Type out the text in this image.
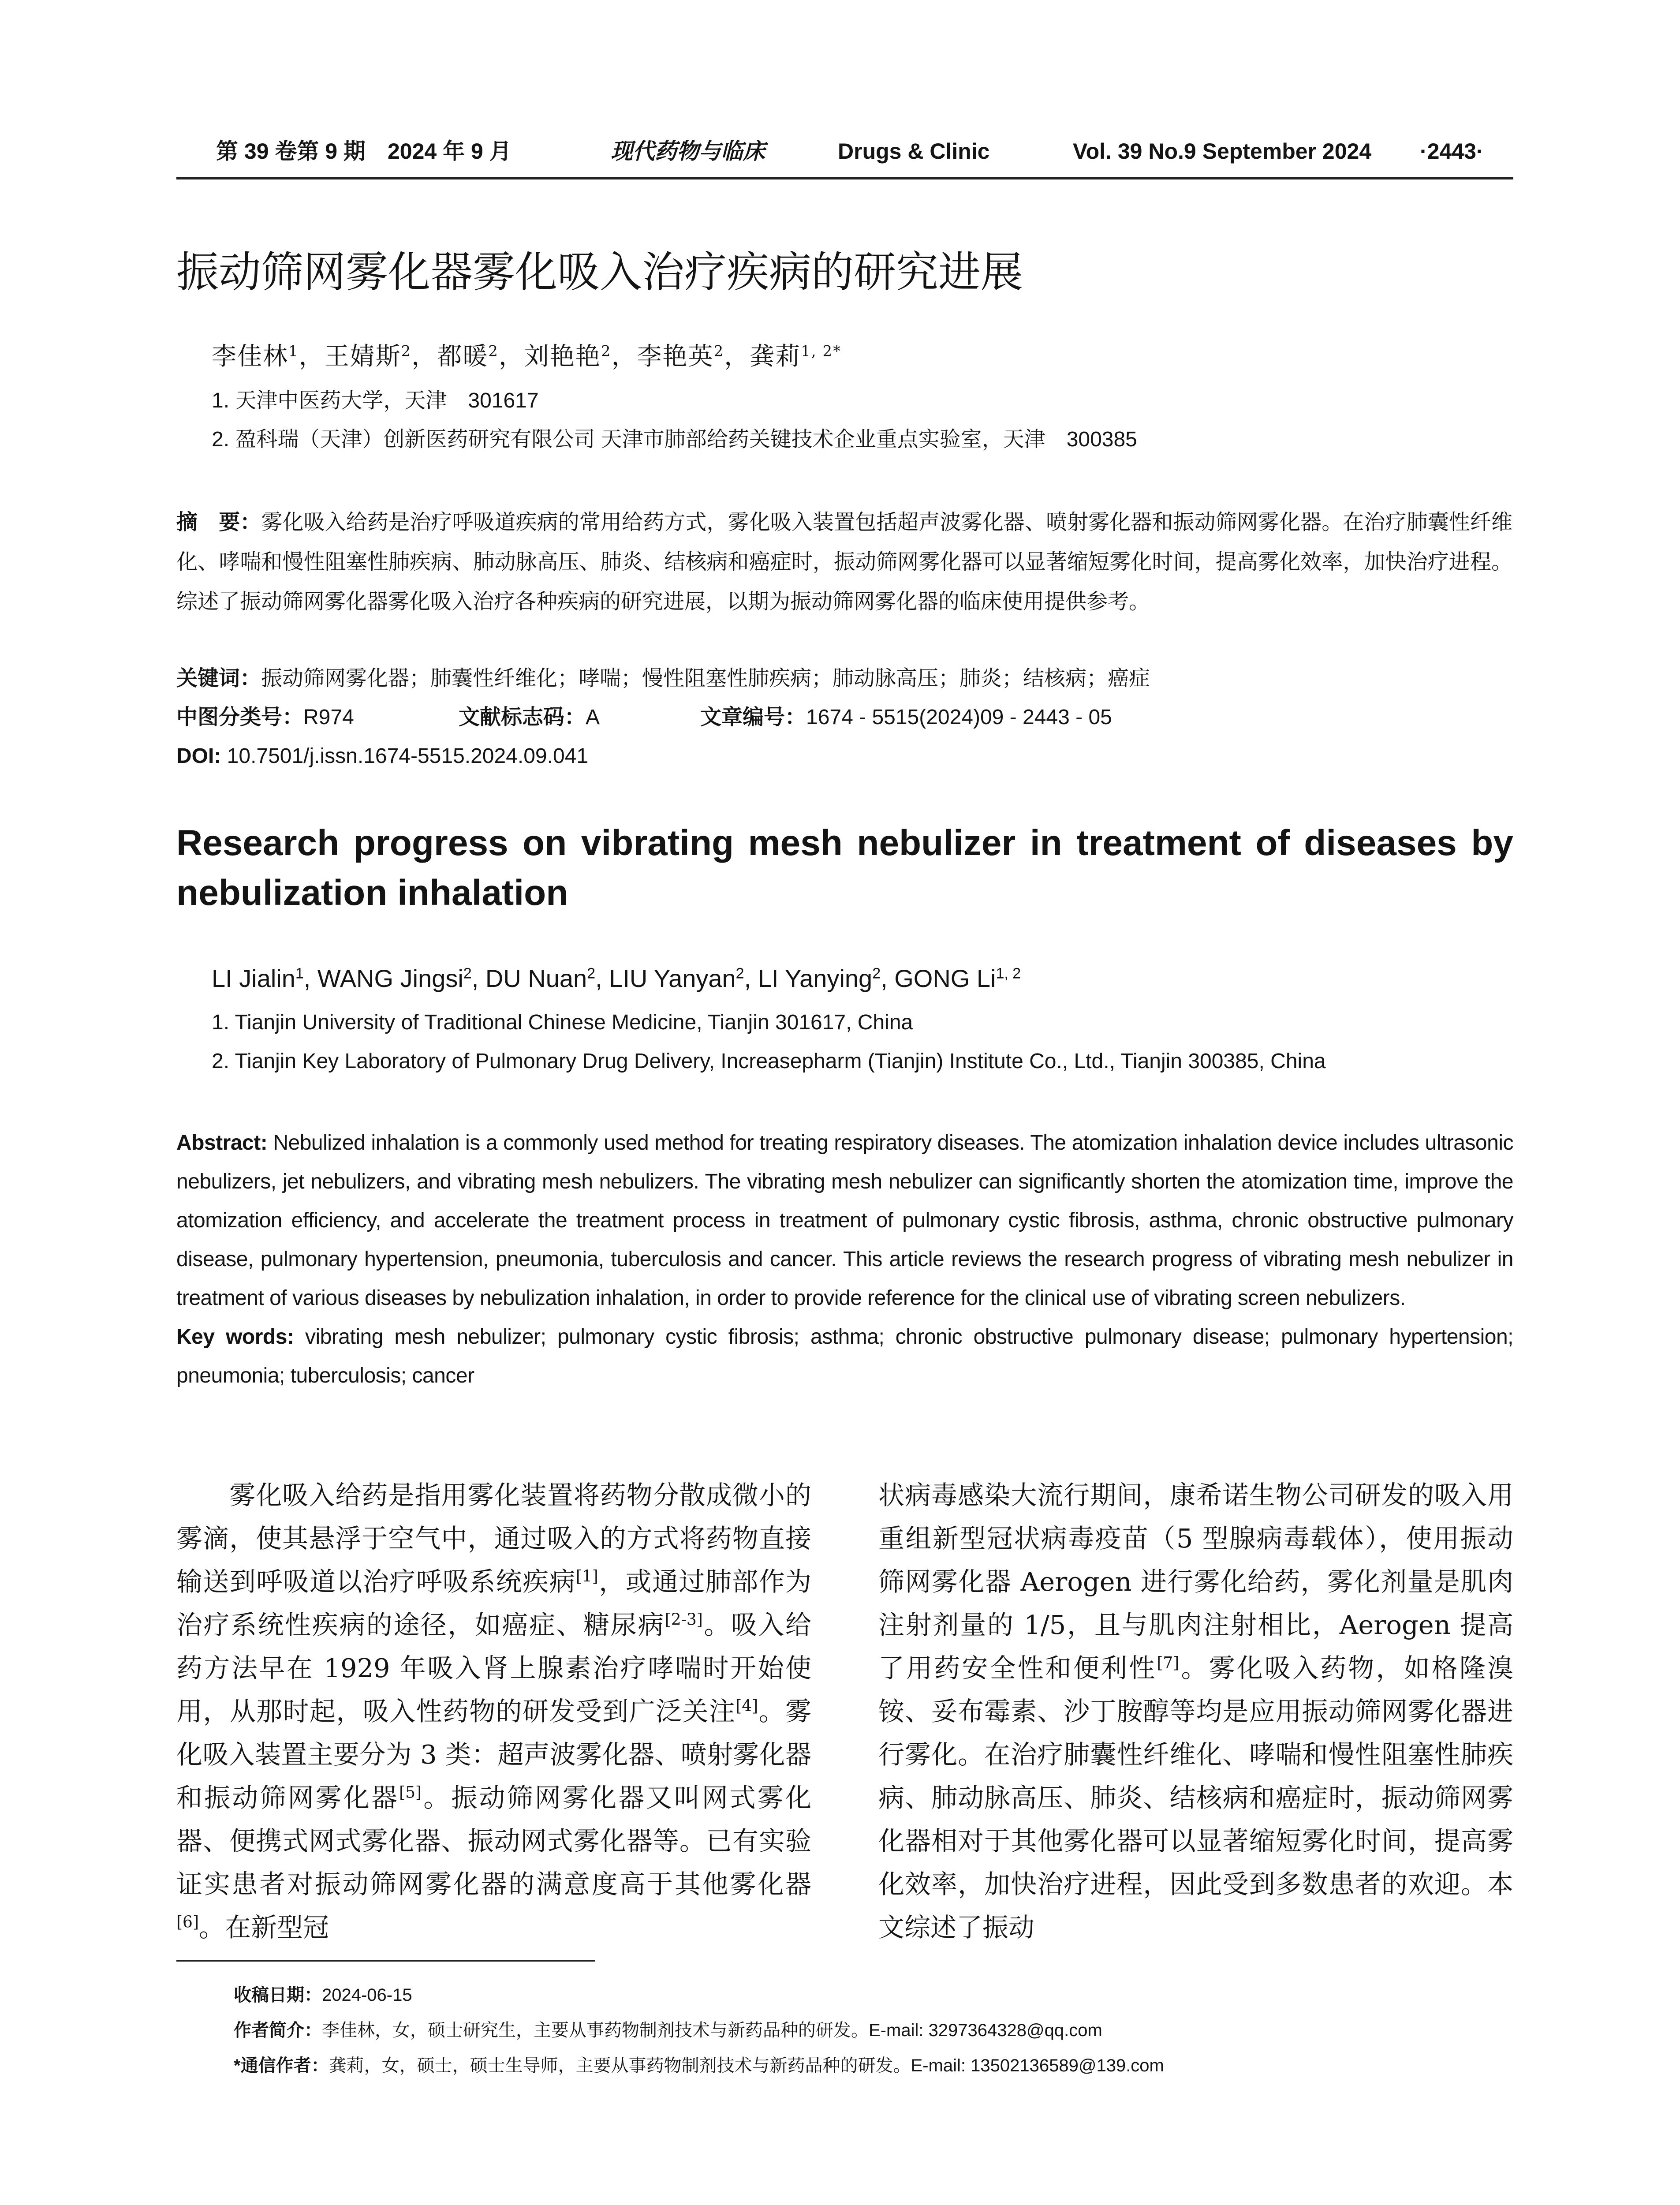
第 39 卷第 9 期　2024 年 9 月	现代药物与临床	Drugs & Clinic	Vol. 39 No.9 September 2024 ·2443·
振动筛网雾化器雾化吸入治疗疾病的研究进展
李佳林$^1$，王婧斯$^2$，都暖$^2$，刘艳艳$^2$，李艳英$^2$，龚莉$^{1, 2*}$
1. 天津中医药大学，天津　301617
2. 盈科瑞（天津）创新医药研究有限公司 天津市肺部给药关键技术企业重点实验室，天津　300385
摘　要：雾化吸入给药是治疗呼吸道疾病的常用给药方式，雾化吸入装置包括超声波雾化器、喷射雾化器和振动筛网雾化器。在治疗肺囊性纤维化、哮喘和慢性阻塞性肺疾病、肺动脉高压、肺炎、结核病和癌症时，振动筛网雾化器可以显著缩短雾化时间，提高雾化效率，加快治疗进程。综述了振动筛网雾化器雾化吸入治疗各种疾病的研究进展，以期为振动筛网雾化器的临床使用提供参考。
关键词：振动筛网雾化器；肺囊性纤维化；哮喘；慢性阻塞性肺疾病；肺动脉高压；肺炎；结核病；癌症
中图分类号：R974	文献标志码：A	文章编号：1674 - 5515(2024)09 - 2443 - 05
DOI: 10.7501/j.issn.1674-5515.2024.09.041
Research progress on vibrating mesh nebulizer in treatment of diseases by nebulization inhalation
LI Jialin$^1$, WANG Jingsi$^2$, DU Nuan$^2$, LIU Yanyan$^2$, LI Yanying$^2$, GONG Li$^{1, 2}$
1. Tianjin University of Traditional Chinese Medicine, Tianjin 301617, China
2. Tianjin Key Laboratory of Pulmonary Drug Delivery, Increasepharm (Tianjin) Institute Co., Ltd., Tianjin 300385, China
Abstract: Nebulized inhalation is a commonly used method for treating respiratory diseases. The atomization inhalation device includes ultrasonic nebulizers, jet nebulizers, and vibrating mesh nebulizers. The vibrating mesh nebulizer can significantly shorten the atomization time, improve the atomization efficiency, and accelerate the treatment process in treatment of pulmonary cystic fibrosis, asthma, chronic obstructive pulmonary disease, pulmonary hypertension, pneumonia, tuberculosis and cancer. This article reviews the research progress of vibrating mesh nebulizer in treatment of various diseases by nebulization inhalation, in order to provide reference for the clinical use of vibrating screen nebulizers.
Key words: vibrating mesh nebulizer; pulmonary cystic fibrosis; asthma; chronic obstructive pulmonary disease; pulmonary hypertension; pneumonia; tuberculosis; cancer
　　雾化吸入给药是指用雾化装置将药物分散成微小的雾滴，使其悬浮于空气中，通过吸入的方式将药物直接输送到呼吸道以治疗呼吸系统疾病[1]，或通过肺部作为治疗系统性疾病的途径，如癌症、糖尿病[2-3]。吸入给药方法早在 1929 年吸入肾上腺素治疗哮喘时开始使用，从那时起，吸入性药物的研发受到广泛关注[4]。雾化吸入装置主要分为 3 类：超声波雾化器、喷射雾化器和振动筛网雾化器[5]。振动筛网雾化器又叫网式雾化器、便携式网式雾化器、振动网式雾化器等。已有实验证实患者对振动筛网雾化器的满意度高于其他雾化器[6]。在新型冠
状病毒感染大流行期间，康希诺生物公司研发的吸入用重组新型冠状病毒疫苗（5 型腺病毒载体），使用振动筛网雾化器 Aerogen 进行雾化给药，雾化剂量是肌肉注射剂量的 1/5，且与肌肉注射相比，Aerogen 提高了用药安全性和便利性[7]。雾化吸入药物，如格隆溴铵、妥布霉素、沙丁胺醇等均是应用振动筛网雾化器进行雾化。在治疗肺囊性纤维化、哮喘和慢性阻塞性肺疾病、肺动脉高压、肺炎、结核病和癌症时，振动筛网雾化器相对于其他雾化器可以显著缩短雾化时间，提高雾化效率，加快治疗进程，因此受到多数患者的欢迎。本文综述了振动
收稿日期：2024-06-15
作者简介：李佳林，女，硕士研究生，主要从事药物制剂技术与新药品种的研发。E-mail: 3297364328@qq.com
*通信作者：龚莉，女，硕士，硕士生导师，主要从事药物制剂技术与新药品种的研发。E-mail: 13502136589@139.com
